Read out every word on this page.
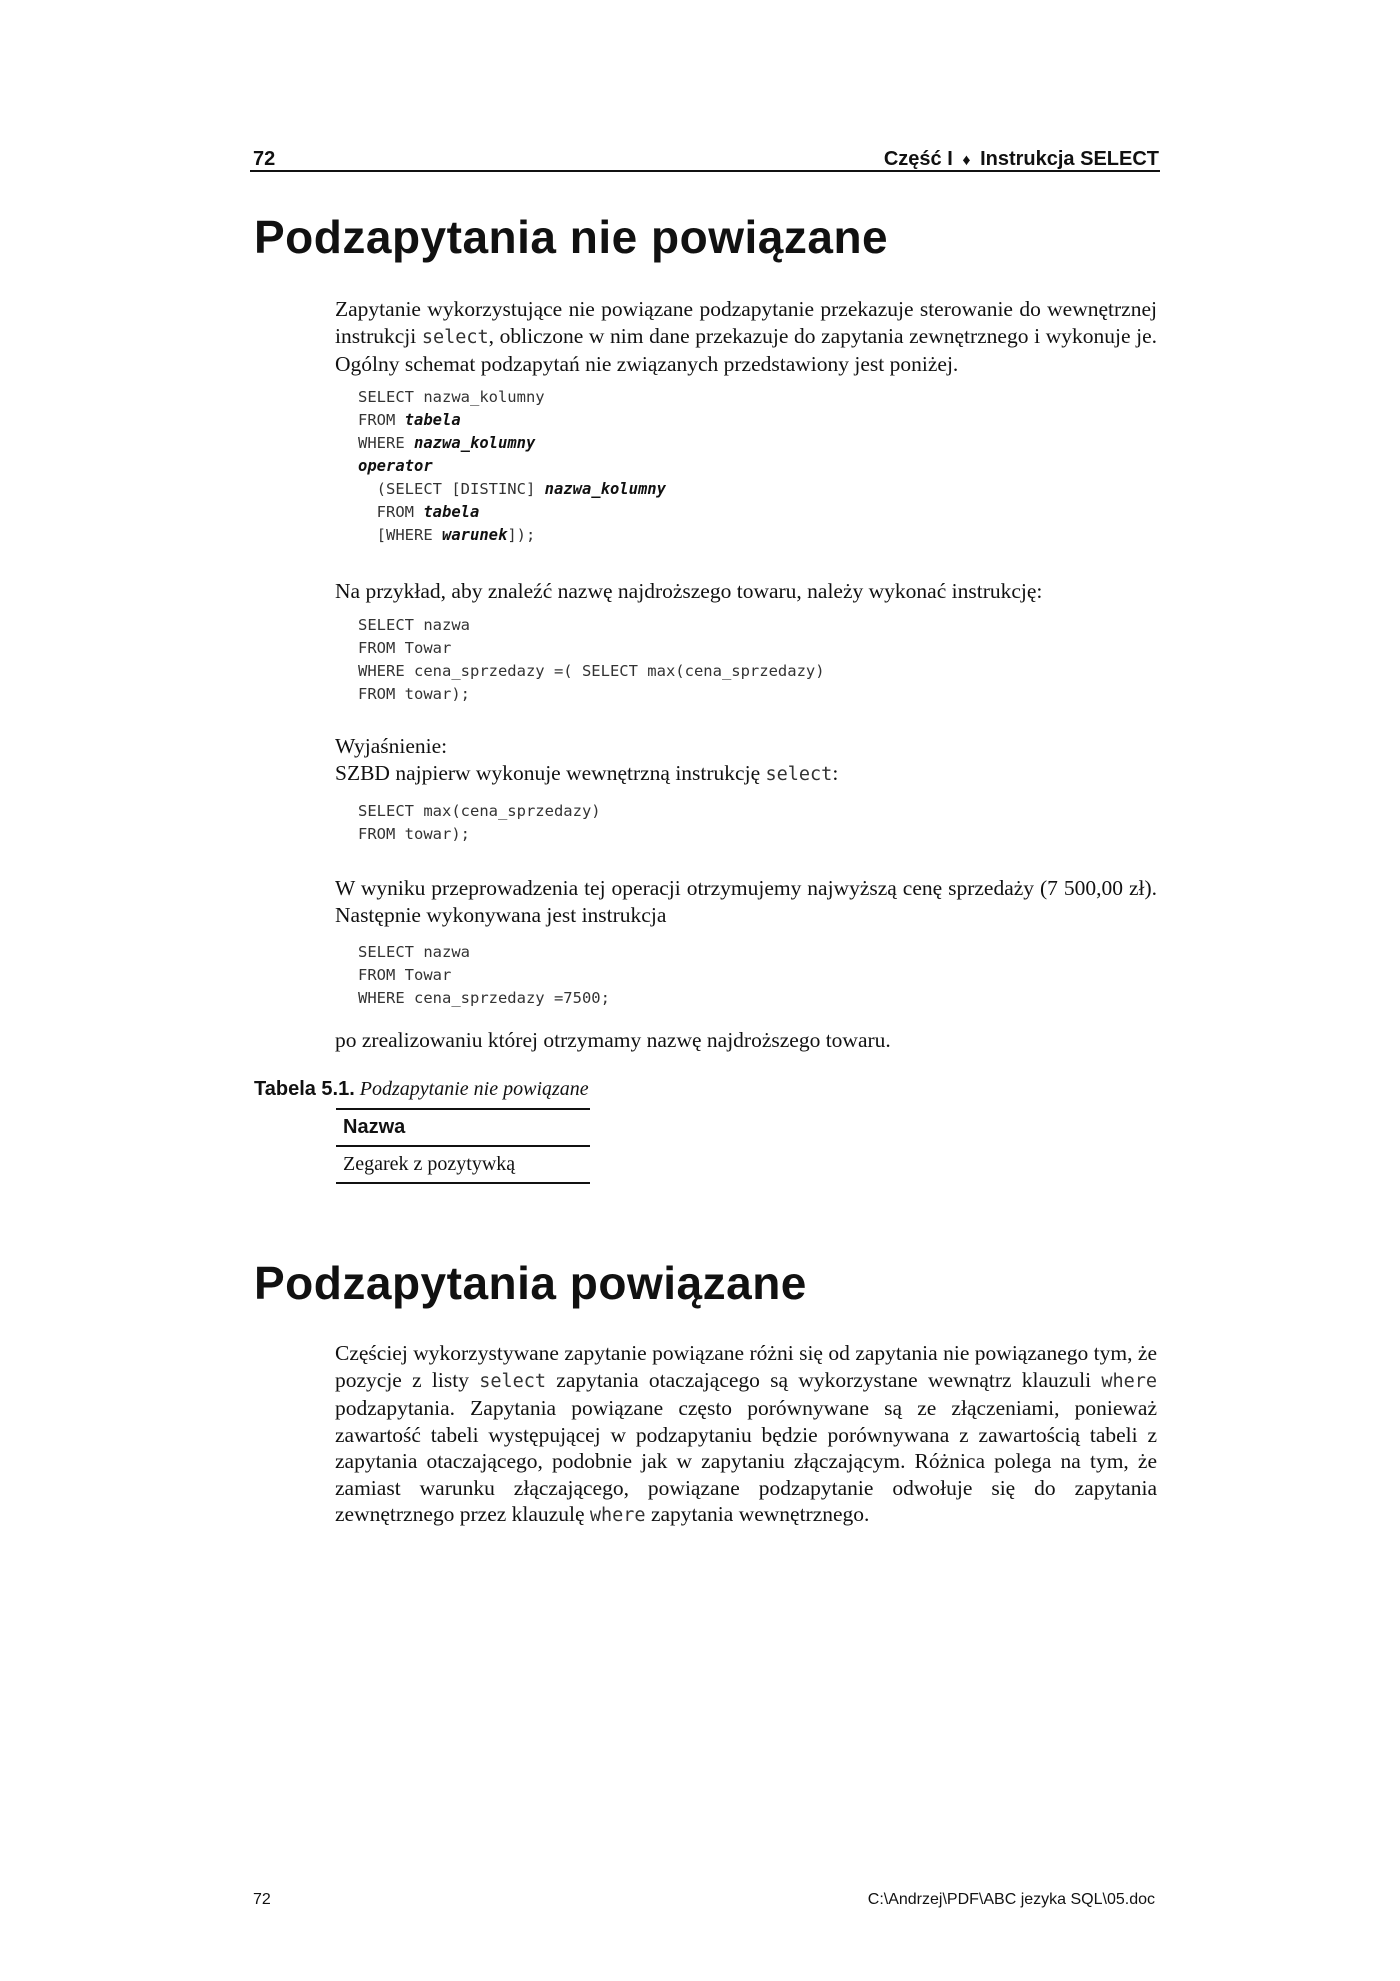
72	Część I ♦ Instrukcja SELECT
Podzapytania nie powiązane
Zapytanie wykorzystujące nie powiązane podzapytanie przekazuje sterowanie do wewnętrznej instrukcji select, obliczone w nim dane przekazuje do zapytania zewnętrznego i wykonuje je. Ogólny schemat podzapytań nie związanych przedstawiony jest poniżej.
SELECT nazwa_kolumny
FROM tabela
WHERE nazwa_kolumny
operator
(SELECT [DISTINC] nazwa_kolumny
FROM tabela
[WHERE warunek]);
Na przykład, aby znaleźć nazwę najdroższego towaru, należy wykonać instrukcję:
SELECT nazwa
FROM Towar
WHERE cena_sprzedazy =( SELECT max(cena_sprzedazy)
FROM towar);
Wyjaśnienie:
SZBD najpierw wykonuje wewnętrzną instrukcję select:
SELECT max(cena_sprzedazy)
FROM towar);
W wyniku przeprowadzenia tej operacji otrzymujemy najwyższą cenę sprzedaży (7 500,00 zł). Następnie wykonywana jest instrukcja
SELECT nazwa
FROM Towar
WHERE cena_sprzedazy =7500;
po zrealizowaniu której otrzymamy nazwę najdroższego towaru.
Tabela 5.1. Podzapytanie nie powiązane
Nazwa
Zegarek z pozytywką
Podzapytania powiązane
Częściej wykorzystywane zapytanie powiązane różni się od zapytania nie powiązanego tym, że pozycje z listy select zapytania otaczającego są wykorzystane wewnątrz klauzuli where podzapytania. Zapytania powiązane często porównywane są ze złączeniami, ponieważ zawartość tabeli występującej w podzapytaniu będzie porównywana z zawartością tabeli z zapytania otaczającego, podobnie jak w zapytaniu złączającym. Różnica polega na tym, że zamiast warunku złączającego, powiązane podzapytanie odwołuje się do zapytania zewnętrznego przez klauzulę where zapytania wewnętrznego.
72	C:\Andrzej\PDF\ABC jezyka SQL\05.doc
